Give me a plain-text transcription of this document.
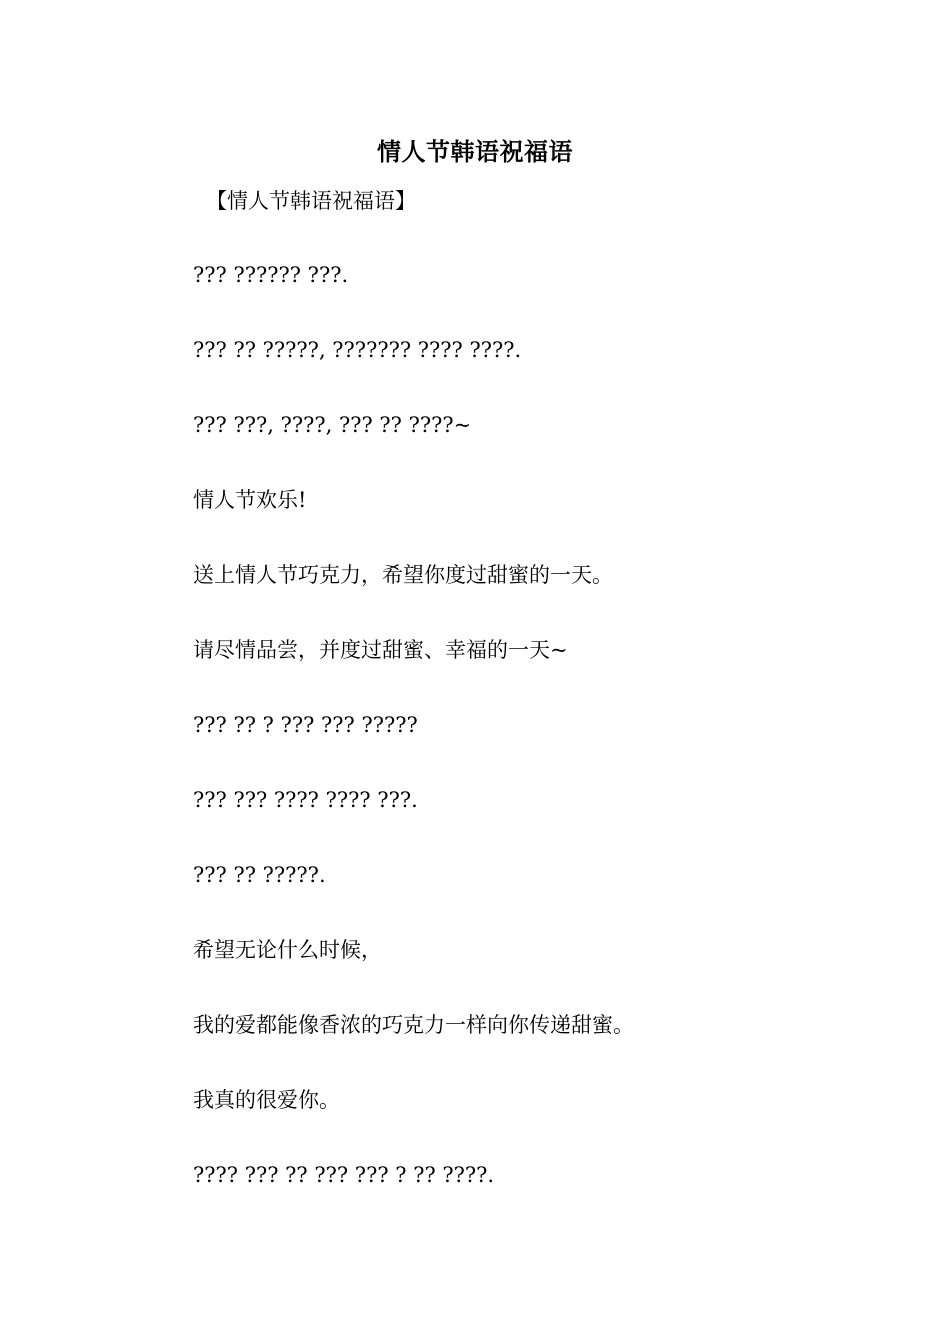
情人节韩语祝福语
【情人节韩语祝福语】
??? ?????? ???.
??? ?? ?????, ??????? ???? ????.
??? ???, ????, ??? ?? ????~
情人节欢乐!
送上情人节巧克力，希望你度过甜蜜的一天。
请尽情品尝，并度过甜蜜、幸福的一天~
??? ?? ? ??? ??? ?????
??? ??? ???? ???? ???.
??? ?? ?????.
希望无论什么时候，
我的爱都能像香浓的巧克力一样向你传递甜蜜。
我真的很爱你。
???? ??? ?? ??? ??? ? ?? ????.
